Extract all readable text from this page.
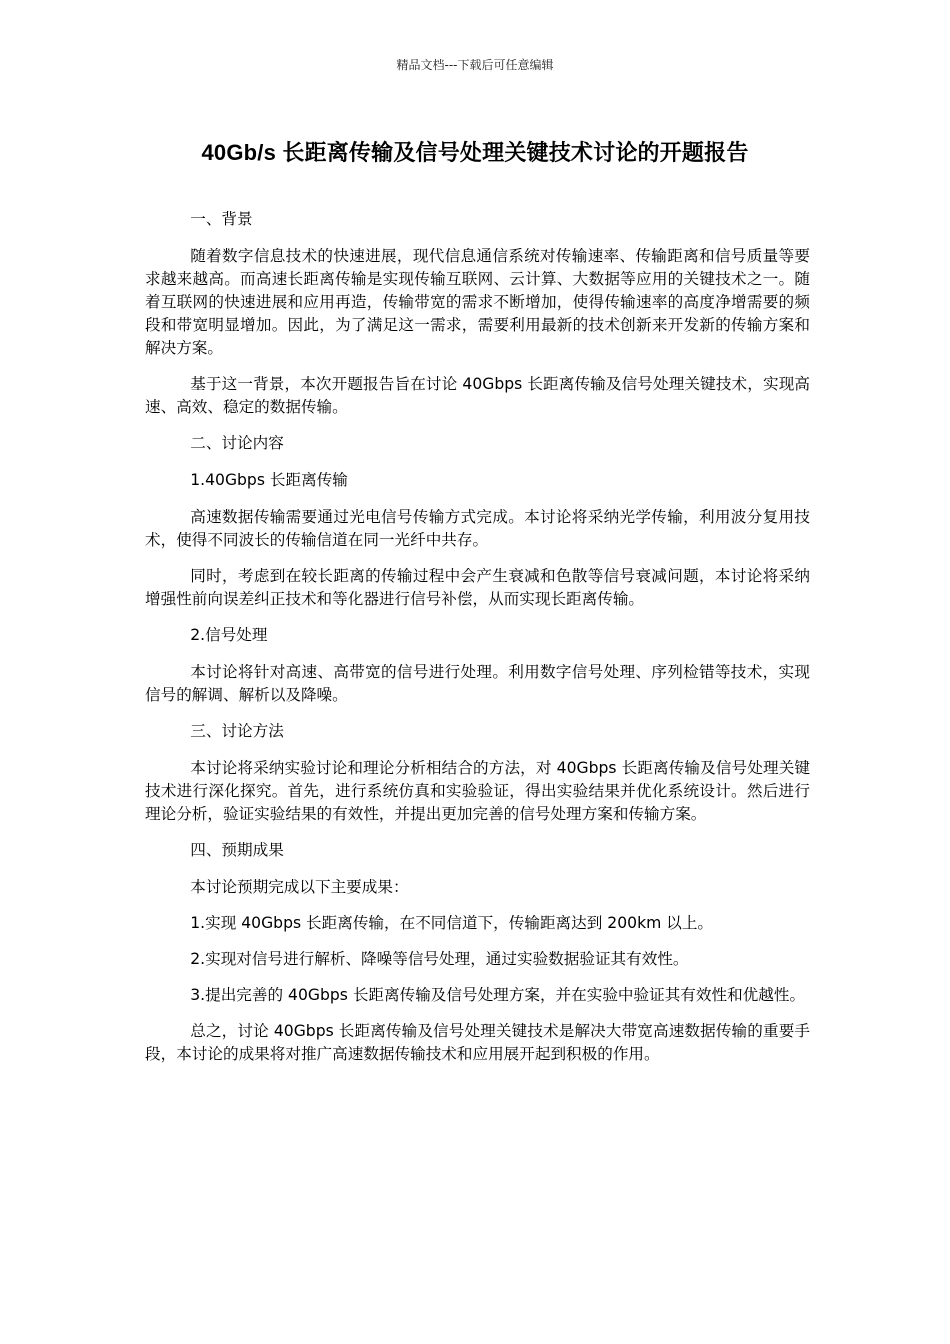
精品文档---下载后可任意编辑
40Gb/s 长距离传输及信号处理关键技术讨论的开题报告

一、背景

随着数字信息技术的快速进展，现代信息通信系统对传输速率、传输距离和信号质量等要求越来越高。而高速长距离传输是实现传输互联网、云计算、大数据等应用的关键技术之一。随着互联网的快速进展和应用再造，传输带宽的需求不断增加，使得传输速率的高度净增需要的频段和带宽明显增加。因此，为了满足这一需求，需要利用最新的技术创新来开发新的传输方案和解决方案。

基于这一背景，本次开题报告旨在讨论 40Gbps 长距离传输及信号处理关键技术，实现高速、高效、稳定的数据传输。

二、讨论内容

1.40Gbps 长距离传输

高速数据传输需要通过光电信号传输方式完成。本讨论将采纳光学传输，利用波分复用技术，使得不同波长的传输信道在同一光纤中共存。

同时，考虑到在较长距离的传输过程中会产生衰减和色散等信号衰减问题，本讨论将采纳增强性前向误差纠正技术和等化器进行信号补偿，从而实现长距离传输。

2.信号处理

本讨论将针对高速、高带宽的信号进行处理。利用数字信号处理、序列检错等技术，实现信号的解调、解析以及降噪。

三、讨论方法

本讨论将采纳实验讨论和理论分析相结合的方法，对 40Gbps 长距离传输及信号处理关键技术进行深化探究。首先，进行系统仿真和实验验证，得出实验结果并优化系统设计。然后进行理论分析，验证实验结果的有效性，并提出更加完善的信号处理方案和传输方案。

四、预期成果

本讨论预期完成以下主要成果：

1.实现 40Gbps 长距离传输，在不同信道下，传输距离达到 200km 以上。

2.实现对信号进行解析、降噪等信号处理，通过实验数据验证其有效性。

3.提出完善的 40Gbps 长距离传输及信号处理方案，并在实验中验证其有效性和优越性。

总之，讨论 40Gbps 长距离传输及信号处理关键技术是解决大带宽高速数据传输的重要手段，本讨论的成果将对推广高速数据传输技术和应用展开起到积极的作用。
